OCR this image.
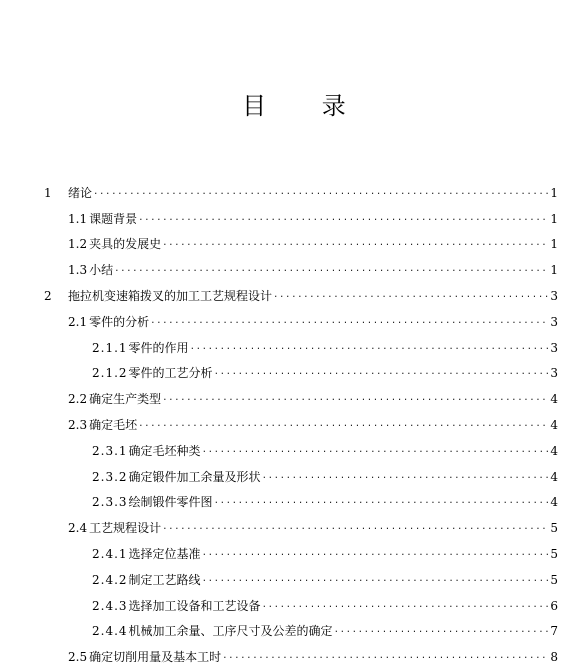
目 录
1	绪论 .....	1
1.1 课题背景 .....	1
1.2 夹具的发展史 .....	1
1.3 小结 .....	1
2	拖拉机变速箱拨叉的加工工艺规程设计 .....	3
2.1 零件的分析 .....	3
2.1.1 零件的作用 .....	3
2.1.2 零件的工艺分析 .....	3
2.2 确定生产类型 .....	4
2.3 确定毛坯 .....	4
2.3.1 确定毛坯种类 .....	4
2.3.2 确定锻件加工余量及形状 .....	4
2.3.3 绘制锻件零件图 .....	4
2.4 工艺规程设计 .....	5
2.4.1 选择定位基准 .....	5
2.4.2 制定工艺路线 .....	5
2.4.3 选择加工设备和工艺设备 .....	6
2.4.4 机械加工余量、工序尺寸及公差的确定 .....	7
2.5 确定切削用量及基本工时 .....	8
